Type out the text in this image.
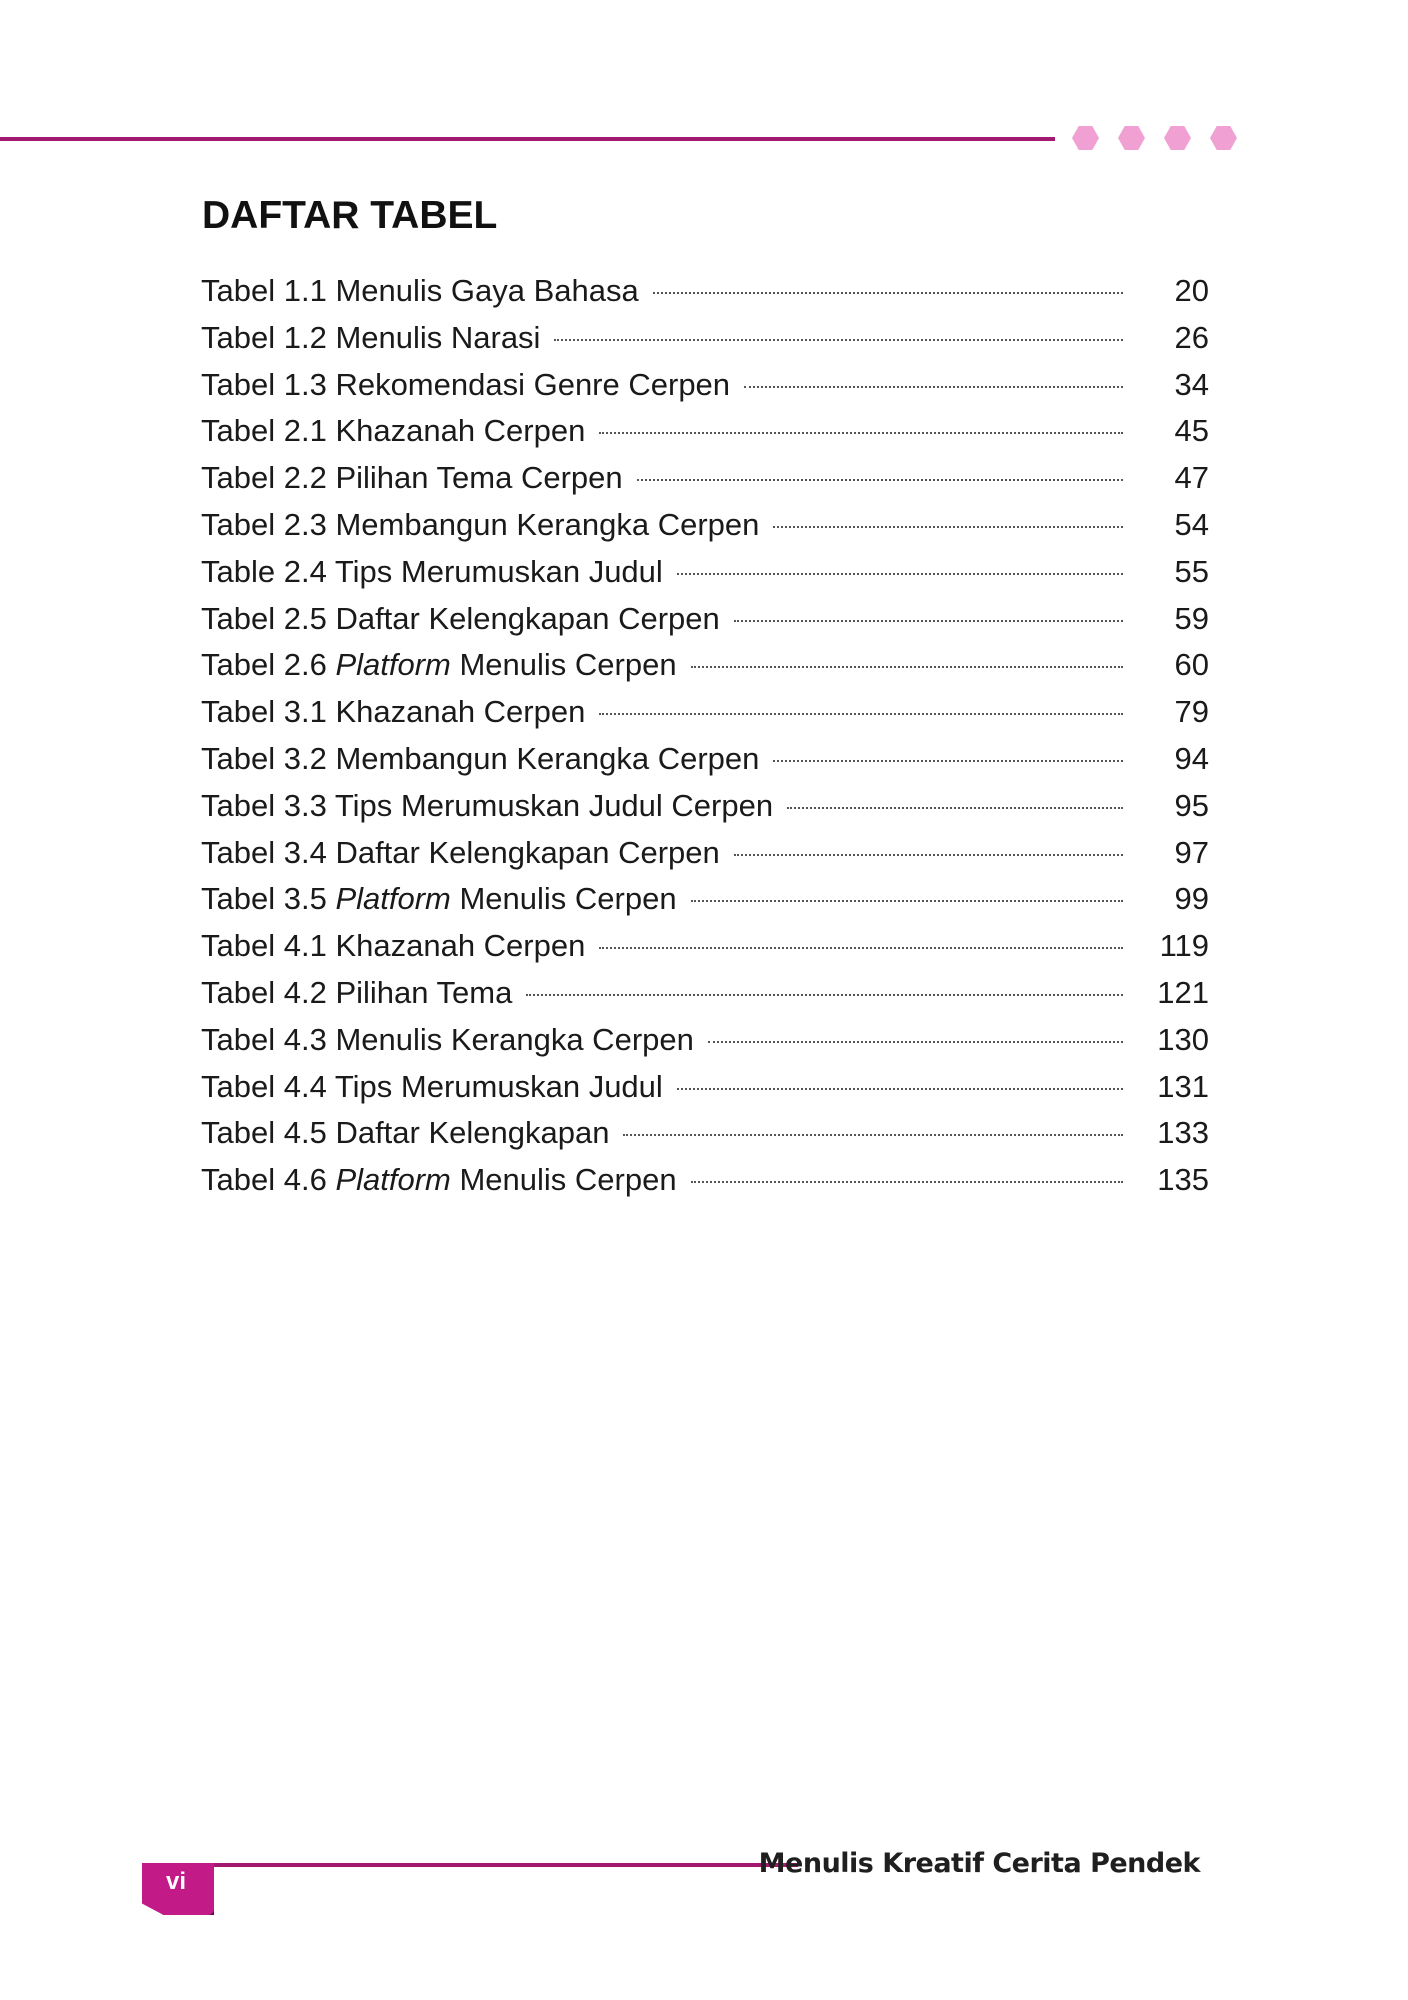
DAFTAR TABEL
Tabel 1.1 Menulis Gaya Bahasa	20
Tabel 1.2 Menulis Narasi	26
Tabel 1.3 Rekomendasi Genre Cerpen	34
Tabel 2.1 Khazanah Cerpen	45
Tabel 2.2 Pilihan Tema Cerpen	47
Tabel 2.3 Membangun Kerangka Cerpen	54
Table 2.4 Tips Merumuskan Judul	55
Tabel 2.5 Daftar Kelengkapan Cerpen	59
Tabel 2.6 Platform Menulis Cerpen	60
Tabel 3.1 Khazanah Cerpen	79
Tabel 3.2 Membangun Kerangka Cerpen	94
Tabel 3.3 Tips Merumuskan Judul Cerpen	95
Tabel 3.4 Daftar Kelengkapan Cerpen	97
Tabel 3.5 Platform Menulis Cerpen	99
Tabel 4.1 Khazanah Cerpen	119
Tabel 4.2 Pilihan Tema	121
Tabel 4.3 Menulis Kerangka Cerpen	130
Tabel 4.4 Tips Merumuskan Judul	131
Tabel 4.5 Daftar Kelengkapan	133
Tabel 4.6 Platform Menulis Cerpen	135
vi

Menulis Kreatif Cerita Pendek
